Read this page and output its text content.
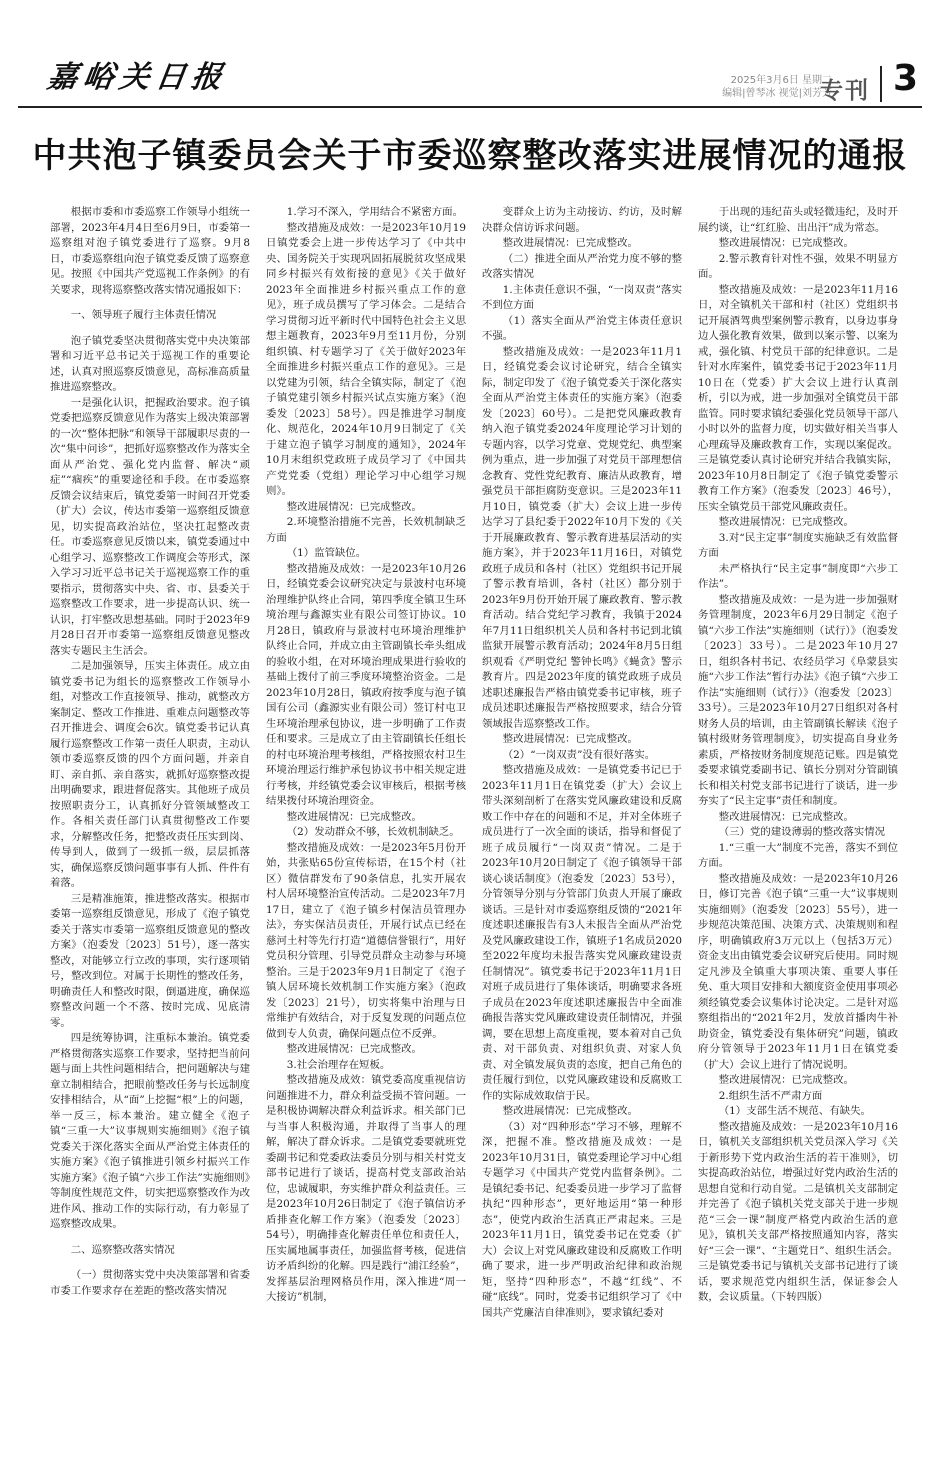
嘉峪关日报	2025年3月6日 星期二
编辑|曾琴冰 视觉|刘芳芳
专刊 3
中共泡子镇委员会关于市委巡察整改落实进展情况的通报

根据市委和市委巡察工作领导小组统一部署，2023年4月4日至6月9日，市委第一巡察组对泡子镇党委进行了巡察。9月8日，市委巡察组向泡子镇党委反馈了巡察意见。按照《中国共产党巡视工作条例》的有关要求，现将巡察整改落实情况通报如下：

一、领导班子履行主体责任情况

泡子镇党委坚决贯彻落实党中央决策部署和习近平总书记关于巡视工作的重要论述，认真对照巡察反馈意见，高标准高质量推进巡察整改。

一是强化认识，把握政治要求。泡子镇党委把巡察反馈意见作为落实上级决策部署的一次“整体把脉”和领导干部履职尽责的一次“集中问诊”，把抓好巡察整改作为落实全面从严治党、强化党内监督、解决“顽症”“痼疾”的重要途径和手段。在市委巡察反馈会议结束后，镇党委第一时间召开党委（扩大）会议，传达市委第一巡察组反馈意见，切实提高政治站位，坚决扛起整改责任。市委巡察意见反馈以来，镇党委通过中心组学习、巡察整改工作调度会等形式，深入学习习近平总书记关于巡视巡察工作的重要指示，贯彻落实中央、省、市、县委关于巡察整改工作要求，进一步提高认识、统一认识，打牢整改思想基础。同时于2023年9月28日召开市委第一巡察组反馈意见整改落实专题民主生活会。

二是加强领导，压实主体责任。成立由镇党委书记为组长的巡察整改工作领导小组，对整改工作直接领导、推动，就整改方案制定、整改工作推进、重难点问题整改等召开推进会、调度会6次。镇党委书记认真履行巡察整改工作第一责任人职责，主动认领市委巡察反馈的四个方面问题，并亲自盯、亲自抓、亲自落实，就抓好巡察整改提出明确要求，跟进督促落实。其他班子成员按照职责分工，认真抓好分管领域整改工作。各相关责任部门认真贯彻整改工作要求，分解整改任务，把整改责任压实到岗、传导到人，做到了一级抓一级，层层抓落实，确保巡察反馈问题事事有人抓、件件有着落。

三是精准施策，推进整改落实。根据市委第一巡察组反馈意见，形成了《泡子镇党委关于落实市委第一巡察组反馈意见的整改方案》（泡委发〔2023〕51号），逐一落实整改，对能够立行立改的事项，实行逐项销号，整改到位。对属于长期性的整改任务，明确责任人和整改时限，倒逼进度，确保巡察整改问题一个不落、按时完成、见底清零。

四是统筹协调，注重标本兼治。镇党委严格贯彻落实巡察工作要求，坚持把当前问题与面上共性问题相结合，把问题解决与建章立制相结合，把眼前整改任务与长远制度安排相结合，从“面”上挖掘“根”上的问题，举一反三，标本兼治。建立健全《泡子镇“三重一大”议事规则实施细则》《泡子镇党委关于深化落实全面从严治党主体责任的实施方案》《泡子镇推进引领乡村振兴工作实施方案》《泡子镇“六步工作法”实施细则》等制度性规范文件，切实把巡察整改作为改进作风、推动工作的实际行动，有力彰显了巡察整改成果。

二、巡察整改落实情况

（一）贯彻落实党中央决策部署和省委市委工作要求存在差距的整改落实情况

1.学习不深入，学用结合不紧密方面。

整改措施及成效：一是2023年10月19日镇党委会上进一步传达学习了《中共中央、国务院关于实现巩固拓展脱贫攻坚成果同乡村振兴有效衔接的意见》《关于做好2023年全面推进乡村振兴重点工作的意见》，班子成员撰写了学习体会。二是结合学习贯彻习近平新时代中国特色社会主义思想主题教育，2023年9月至11月份，分别组织镇、村专题学习了《关于做好2023年全面推进乡村振兴重点工作的意见》。三是以党建为引领，结合全镇实际，制定了《泡子镇党建引领乡村振兴试点实施方案》（泡委发〔2023〕58号）。四是推进学习制度化、规范化，2024年10月9日制定了《关于建立泡子镇学习制度的通知》，2024年10月末组织党政班子成员学习了《中国共产党党委（党组）理论学习中心组学习规则》。

整改进展情况：已完成整改。

2.环境整治措施不完善，长效机制缺乏方面

（1）监管缺位。

整改措施及成效：一是2023年10月26日，经镇党委会议研究决定与景波村屯环境治理维护队终止合同，第四季度全镇卫生环境治理与鑫源实业有限公司签订协议。10月28日，镇政府与景波村屯环境治理维护队终止合同，并成立由主管副镇长牵头组成的验收小组，在对环境治理成果进行验收的基础上拨付了前三季度环境整治资金。二是2023年10月28日，镇政府按季度与泡子镇国有公司（鑫源实业有限公司）签订村屯卫生环境治理承包协议，进一步明确了工作责任和要求。三是成立了由主管副镇长任组长的村屯环境治理考核组，严格按照农村卫生环境治理运行维护承包协议书中相关规定进行考核，并经镇党委会议审核后，根据考核结果拨付环境治理资金。

整改进展情况：已完成整改。

（2）发动群众不够，长效机制缺乏。

整改措施及成效：一是2023年5月份开始，共张贴65份宣传标语，在15个村（社区）微信群发布了90条信息，扎实开展农村人居环境整治宣传活动。二是2023年7月17日，建立了《泡子镇乡村保洁员管理办法》，夯实保洁员责任，开展行试点已经在慈河土村等先行打造“道德信誉银行”，用好党员积分管理、引导党员群众主动参与环境整治。三是于2023年9月1日制定了《泡子镇人居环境长效机制工作实施方案》（泡政发〔2023〕21号），切实将集中治理与日常维护有效结合，对于反复发现的问题点位做到专人负责，确保问题点位不反弹。

整改进展情况：已完成整改。

3.社会治理存在短板。

整改措施及成效：镇党委高度重视信访问题推进不力，群众利益受损不管问题。一是积极协调解决群众利益诉求。相关部门已与当事人积极沟通，并取得了当事人的理解，解决了群众诉求。二是镇党委要就班党委副书记和党委政法委员分别与相关村党支部书记进行了谈话，提高村党支部政治站位，忠诚履职，夯实维护群众利益责任。三是2023年10月26日制定了《泡子镇信访矛盾排查化解工作方案》（泡委发〔2023〕54号），明确排查化解责任单位和责任人，压实属地属事责任，加强监督考核，促进信访矛盾纠纷的化解。四是践行“浦江经验”，发挥基层治理网格员作用，深入推进“周一大接访”机制，

变群众上访为主动接访、约访，及时解决群众信访诉求问题。

整改进展情况：已完成整改。

（二）推进全面从严治党力度不够的整改落实情况

1.主体责任意识不强，“一岗双责”落实不到位方面

（1）落实全面从严治党主体责任意识不强。

整改措施及成效：一是2023年11月1日，经镇党委会议讨论研究，结合全镇实际，制定印发了《泡子镇党委关于深化落实全面从严治党主体责任的实施方案》（泡委发〔2023〕60号）。二是把党风廉政教育纳入泡子镇党委2024年度理论学习计划的专题内容，以学习党章、党规党纪、典型案例为重点，进一步加强了对党员干部理想信念教育、党性党纪教育、廉洁从政教育，增强党员干部拒腐防变意识。三是2023年11月10日，镇党委（扩大）会议上进一步传达学习了县纪委于2022年10月下发的《关于开展廉政教育、警示教育进基层活动的实施方案》，并于2023年11月16日，对镇党政班子成员和各村（社区）党组织书记开展了警示教育培训，各村（社区）都分别于2023年9月份开始开展了廉政教育、警示教育活动。结合党纪学习教育，我镇于2024年7月11日组织机关人员和各村书记到北镇监狱开展警示教育活动；2024年8月5日组织观看《严明党纪 警钟长鸣》《蝇贪》警示教育片。四是2023年度的镇党政班子成员述职述廉报告严格由镇党委书记审核，班子成员述职述廉报告严格按照要求，结合分管领域报告巡察整改工作。

整改进展情况：已完成整改。

（2）“一岗双责”没有很好落实。

整改措施及成效：一是镇党委书记已于2023年11月1日在镇党委（扩大）会议上带头深刻剖析了在落实党风廉政建设和反腐败工作中存在的问题和不足，并对全体班子成员进行了一次全面的谈话，指导和督促了班子成员履行“一岗双责”情况。二是于2023年10月20日制定了《泡子镇领导干部谈心谈话制度》（泡委发〔2023〕53号），分管领导分别与分管部门负责人开展了廉政谈话。三是针对市委巡察组反馈的“2021年度述职述廉报告有3人未报告全面从严治党及党风廉政建设工作，镇班子1名成员2020至2022年度均未报告落实党风廉政建设责任制情况”。镇党委书记于2023年11月1日对班子成员进行了集体谈话，明确要求各班子成员在2023年度述职述廉报告中全面准确报告落实党风廉政建设责任制情况，并强调，要在思想上高度重视，要本着对自己负责、对干部负责、对组织负责、对家人负责、对全镇发展负责的态度，把自己角色的责任履行到位，以党风廉政建设和反腐败工作的实际成效取信于民。

整改进展情况：已完成整改。

（3）对“四种形态”学习不够，理解不深，把握不准。整改措施及成效：一是2023年10月31日，镇党委理论学习中心组专题学习《中国共产党党内监督条例》。二是镇纪委书记、纪委委员进一步学习了监督执纪“四种形态”，更好地运用“第一种形态”，使党内政治生活真正严肃起来。三是2023年11月1日，镇党委书记在党委（扩大）会议上对党风廉政建设和反腐败工作明确了要求，进一步严明政治纪律和政治规矩，坚持“四种形态”，不越“红线”、不碰“底线”。同时，党委书记组织学习了《中国共产党廉洁自律准则》，要求镇纪委对

于出现的违纪苗头或轻微违纪，及时开展约谈，让“红红脸、出出汗”成为常态。

整改进展情况：已完成整改。

2.警示教育针对性不强，效果不明显方面。

整改措施及成效：一是2023年11月16日，对全镇机关干部和村（社区）党组织书记开展酒驾典型案例警示教育，以身边事身边人强化教育效果，做到以案示警、以案为戒，强化镇、村党员干部的纪律意识。二是针对水库案件，镇党委书记于2023年11月10日在（党委）扩大会议上进行认真剖析，引以为戒，进一步加强对全镇党员干部监管。同时要求镇纪委强化党员领导干部八小时以外的监督力度，切实做好相关当事人心理疏导及廉政教育工作，实现以案促改。三是镇党委认真讨论研究并结合我镇实际，2023年10月8日制定了《泡子镇党委警示教育工作方案》（泡委发〔2023〕46号），压实全镇党员干部党风廉政责任。

整改进展情况：已完成整改。

3.对“民主定事”制度实施缺乏有效监督方面

未严格执行“民主定事”制度即“六步工作法”。

整改措施及成效：一是为进一步加强财务管理制度，2023年6月29日制定《泡子镇“六步工作法”实施细则（试行）》（泡委发〔2023〕33号）。二是2023年10月27日，组织各村书记、农经员学习《阜蒙县实施“六步工作法”暂行办法》《泡子镇“六步工作法”实施细则（试行）》（泡委发〔2023〕33号）。三是2023年10月27日组织对各村财务人员的培训，由主管副镇长解读《泡子镇村级财务管理制度》，切实提高自身业务素质，严格按财务制度规范记账。四是镇党委要求镇党委副书记、镇长分别对分管副镇长和相关村党支部书记进行了谈话，进一步夯实了“民主定事”责任和制度。

整改进展情况：已完成整改。

（三）党的建设薄弱的整改落实情况

1.“三重一大”制度不完善，落实不到位方面。

整改措施及成效：一是2023年10月26日，修订完善《泡子镇“三重一大”议事规则实施细则》（泡委发〔2023〕55号），进一步规范决策范围、决策方式、决策规则和程序，明确镇政府3万元以上（包括3万元）资金支出由镇党委会议研究后使用。同时规定凡涉及全镇重大事项决策、重要人事任免、重大项目安排和大额度资金使用事项必须经镇党委会议集体讨论决定。二是针对巡察组指出的“2021年2月，发放首播肉牛补助资金，镇党委没有集体研究”问题，镇政府分管领导于2023年11月1日在镇党委（扩大）会议上进行了情况说明。

整改进展情况：已完成整改。

2.组织生活不严肃方面

（1）支部生活不规范、有缺失。

整改措施及成效：一是2023年10月16日，镇机关支部组织机关党员深入学习《关于新形势下党内政治生活的若干准则》，切实提高政治站位，增强过好党内政治生活的思想自觉和行动自觉。二是镇机关支部制定并完善了《泡子镇机关党支部关于进一步规范“三会一课”制度严格党内政治生活的意见》，镇机关支部严格按照通知内容，落实好“三会一课”、“主题党日”、组织生活会。三是镇党委书记与镇机关支部书记进行了谈话，要求规范党内组织生活，保证参会人数，会议质量。（下转四版）
